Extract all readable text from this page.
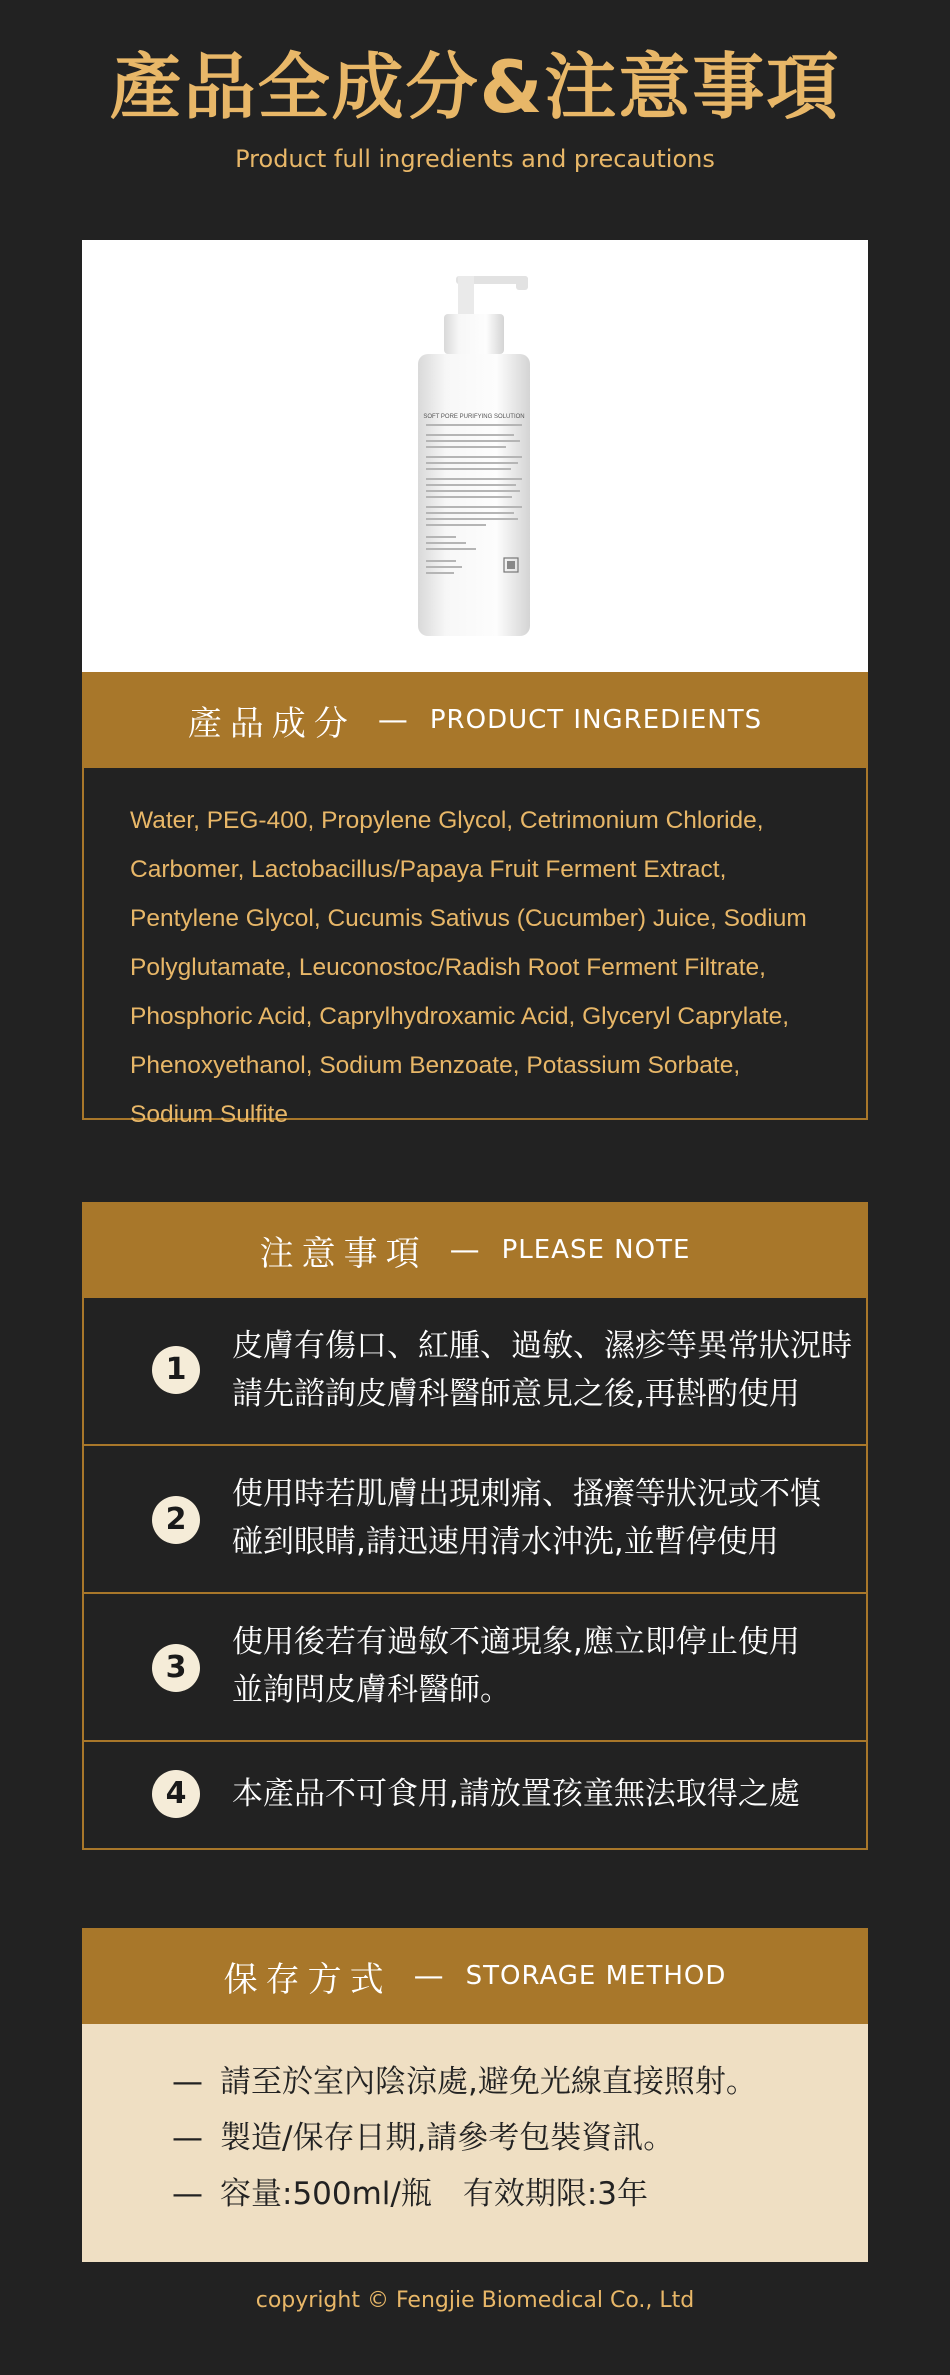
產品全成分&注意事項
Product full ingredients and precautions
SOFT PORE PURIFYING SOLUTION
產品成分 — PRODUCT INGREDIENTS

Water, PEG-400, Propylene Glycol, Cetrimonium Chloride, Carbomer, Lactobacillus/Papaya Fruit Ferment Extract, Pentylene Glycol, Cucumis Sativus (Cucumber) Juice, Sodium Polyglutamate, Leuconostoc/Radish Root Ferment Filtrate, Phosphoric Acid, Caprylhydroxamic Acid, Glyceryl Caprylate, Phenoxyethanol, Sodium Benzoate, Potassium Sorbate, Sodium Sulfite

注意事項 — PLEASE NOTE
1
皮膚有傷口、紅腫、過敏、濕疹等異常狀況時
請先諮詢皮膚科醫師意見之後,再斟酌使用
2
使用時若肌膚出現刺痛、搔癢等狀況或不慎
碰到眼睛,請迅速用清水沖洗,並暫停使用
3
使用後若有過敏不適現象,應立即停止使用
並詢問皮膚科醫師。
4	本產品不可食用,請放置孩童無法取得之處
保存方式 — STORAGE METHOD
— 請至於室內陰涼處,避免光線直接照射。
— 製造/保存日期,請參考包裝資訊。
— 容量:500ml/瓶　有效期限:3年
copyright © Fengjie Biomedical Co., Ltd
